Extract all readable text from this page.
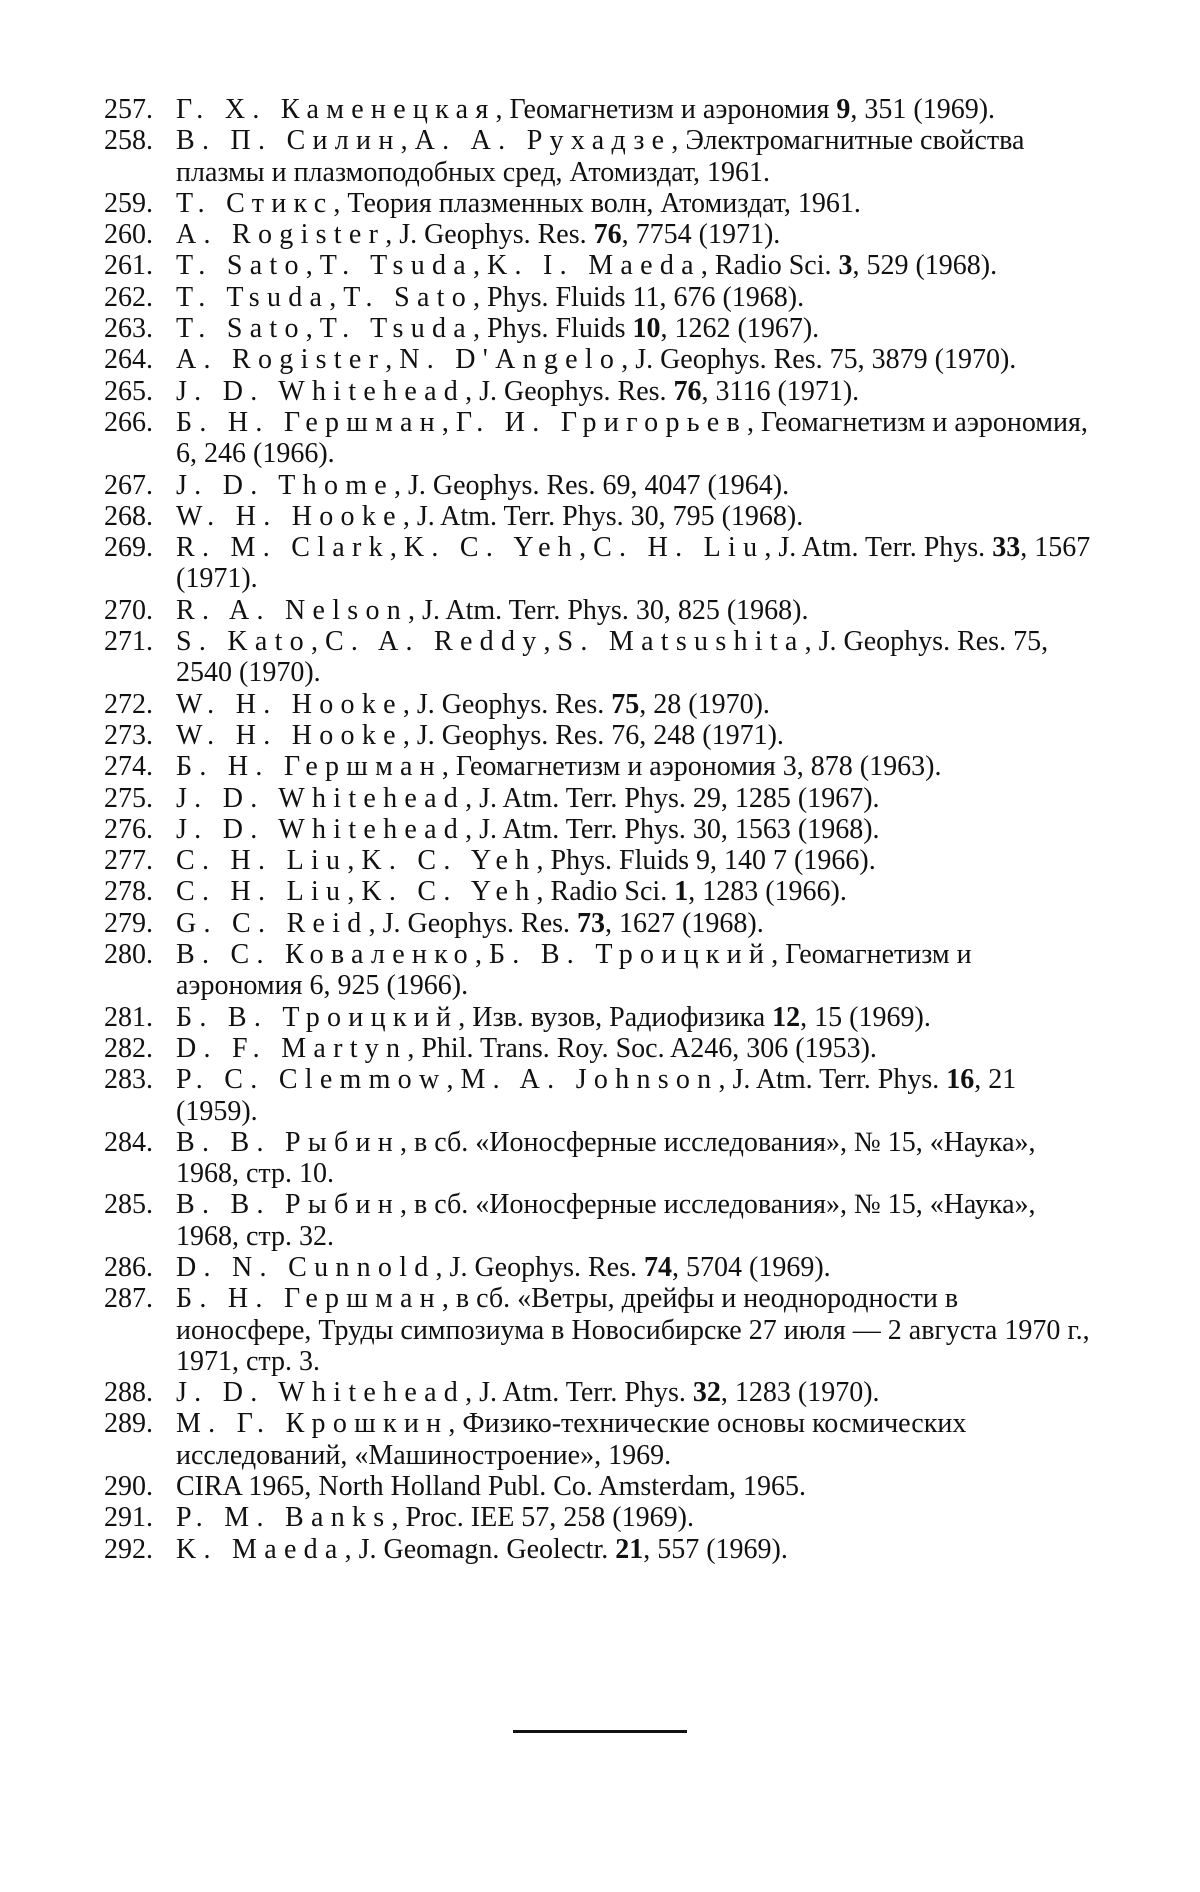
257. Г. Х. Каменецкая, Геомагнетизм и аэрономия 9, 351 (1969).
258. В. П. Силин, А. А. Рухадзе, Электромагнитные свойства плазмы и плазмоподобных сред, Атомиздат, 1961.
259. Т. Стикс, Теория плазменных волн, Атомиздат, 1961.
260. A. Rogister, J. Geophys. Res. 76, 7754 (1971).
261. T. Sato, T. Tsuda, K. I. Maeda, Radio Sci. 3, 529 (1968).
262. T. Tsuda, T. Sato, Phys. Fluids 11, 676 (1968).
263. T. Sato, T. Tsuda, Phys. Fluids 10, 1262 (1967).
264. A. Rogister, N. D'Angelo, J. Geophys. Res. 75, 3879 (1970).
265. J. D. Whitehead, J. Geophys. Res. 76, 3116 (1971).
266. Б. Н. Гершман, Г. И. Григорьев, Геомагнетизм и аэрономия, 6, 246 (1966).
267. J. D. Thome, J. Geophys. Res. 69, 4047 (1964).
268. W. H. Hooke, J. Atm. Terr. Phys. 30, 795 (1968).
269. R. M. Clark, K. C. Yeh, C. H. Liu, J. Atm. Terr. Phys. 33, 1567 (1971).
270. R. A. Nelson, J. Atm. Terr. Phys. 30, 825 (1968).
271. S. Kato, C. A. Reddy, S. Matsushita, J. Geophys. Res. 75, 2540 (1970).
272. W. H. Hooke, J. Geophys. Res. 75, 28 (1970).
273. W. H. Hooke, J. Geophys. Res. 76, 248 (1971).
274. Б. Н. Гершман, Геомагнетизм и аэрономия 3, 878 (1963).
275. J. D. Whitehead, J. Atm. Terr. Phys. 29, 1285 (1967).
276. J. D. Whitehead, J. Atm. Terr. Phys. 30, 1563 (1968).
277. C. H. Liu, K. C. Yeh, Phys. Fluids 9, 140 7 (1966).
278. C. H. Liu, K. C. Yeh, Radio Sci. 1, 1283 (1966).
279. G. C. Reid, J. Geophys. Res. 73, 1627 (1968).
280. В. С. Коваленко, Б. В. Троицкий, Геомагнетизм и аэрономия 6, 925 (1966).
281. Б. В. Троицкий, Изв. вузов, Радиофизика 12, 15 (1969).
282. D. F. Martyn, Phil. Trans. Roy. Soc. A246, 306 (1953).
283. P. C. Clemmow, M. A. Johnson, J. Atm. Terr. Phys. 16, 21 (1959).
284. В. В. Рыбин, в сб. «Ионосферные исследования», № 15, «Наука», 1968, стр. 10.
285. В. В. Рыбин, в сб. «Ионосферные исследования», № 15, «Наука», 1968, стр. 32.
286. D. N. Cunnold, J. Geophys. Res. 74, 5704 (1969).
287. Б. Н. Гершман, в сб. «Ветры, дрейфы и неоднородности в ионосфере, Труды симпозиума в Новосибирске 27 июля — 2 августа 1970 г., 1971, стр. 3.
288. J. D. Whitehead, J. Atm. Terr. Phys. 32, 1283 (1970).
289. М. Г. Крошкин, Физико-технические основы космических исследований, «Машиностроение», 1969.
290. CIRA 1965, North Holland Publ. Co. Amsterdam, 1965.
291. P. M. Banks, Proc. IEE 57, 258 (1969).
292. K. Maeda, J. Geomagn. Geolectr. 21, 557 (1969).
